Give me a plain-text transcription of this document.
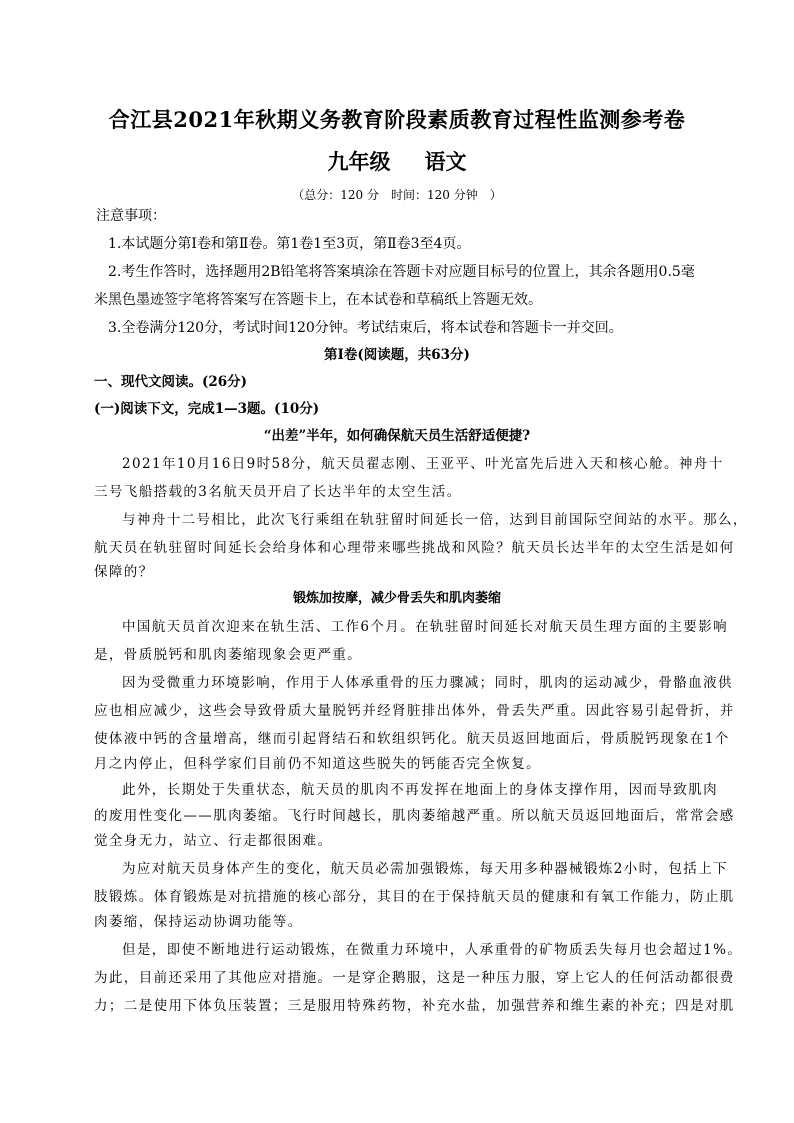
合江县2021年秋期义务教育阶段素质教育过程性监测参考卷
九年级 语文
（总分：120 分　时间：120 分钟　）
注意事项：
1.本试题分第Ⅰ卷和第Ⅱ卷。第1卷1至3页，第Ⅱ卷3至4页。
2.考生作答时，选择题用2B铅笔将答案填涂在答题卡对应题目标号的位置上，其余各题用0.5毫
米黑色墨迹签字笔将答案写在答题卡上，在本试卷和草稿纸上答题无效。
3.全卷满分120分，考试时间120分钟。考试结束后，将本试卷和答题卡一并交回。
第Ⅰ卷(阅读题，共63分)
一、现代文阅读。(26分)
(一)阅读下文，完成1—3题。(10分)
“出差”半年，如何确保航天员生活舒适便捷?
2021年10月16日9时58分，航天员翟志刚、王亚平、叶光富先后进入天和核心舱。神舟十
三号飞船搭载的3名航天员开启了长达半年的太空生活。
与神舟十二号相比，此次飞行乘组在轨驻留时间延长一倍，达到目前国际空间站的水平。那么，
航天员在轨驻留时间延长会给身体和心理带来哪些挑战和风险？航天员长达半年的太空生活是如何
保障的？
锻炼加按摩，减少骨丢失和肌肉萎缩
中国航天员首次迎来在轨生活、工作6个月。在轨驻留时间延长对航天员生理方面的主要影响
是，骨质脱钙和肌肉萎缩现象会更严重。
因为受微重力环境影响，作用于人体承重骨的压力骤减；同时，肌肉的运动减少，骨骼血液供
应也相应减少，这些会导致骨质大量脱钙并经肾脏排出体外，骨丢失严重。因此容易引起骨折，并
使体液中钙的含量增高，继而引起肾结石和软组织钙化。航天员返回地面后，骨质脱钙现象在1个
月之内停止，但科学家们目前仍不知道这些脱失的钙能否完全恢复。
此外，长期处于失重状态，航天员的肌肉不再发挥在地面上的身体支撑作用，因而导致肌肉
的废用性变化——肌肉萎缩。飞行时间越长，肌肉萎缩越严重。所以航天员返回地面后，常常会感
觉全身无力，站立、行走都很困难。
为应对航天员身体产生的变化，航天员必需加强锻炼，每天用多种器械锻炼2小时，包括上下
肢锻炼。体育锻炼是对抗措施的核心部分，其目的在于保持航天员的健康和有氧工作能力，防止肌
肉萎缩，保持运动协调功能等。
但是，即使不断地进行运动锻炼，在微重力环境中，人承重骨的矿物质丢失每月也会超过1%。
为此，目前还采用了其他应对措施。一是穿企鹅服，这是一种压力服，穿上它人的任何活动都很费
力；二是使用下体负压装置；三是服用特殊药物，补充水盐，加强营养和维生素的补充；四是对肌
